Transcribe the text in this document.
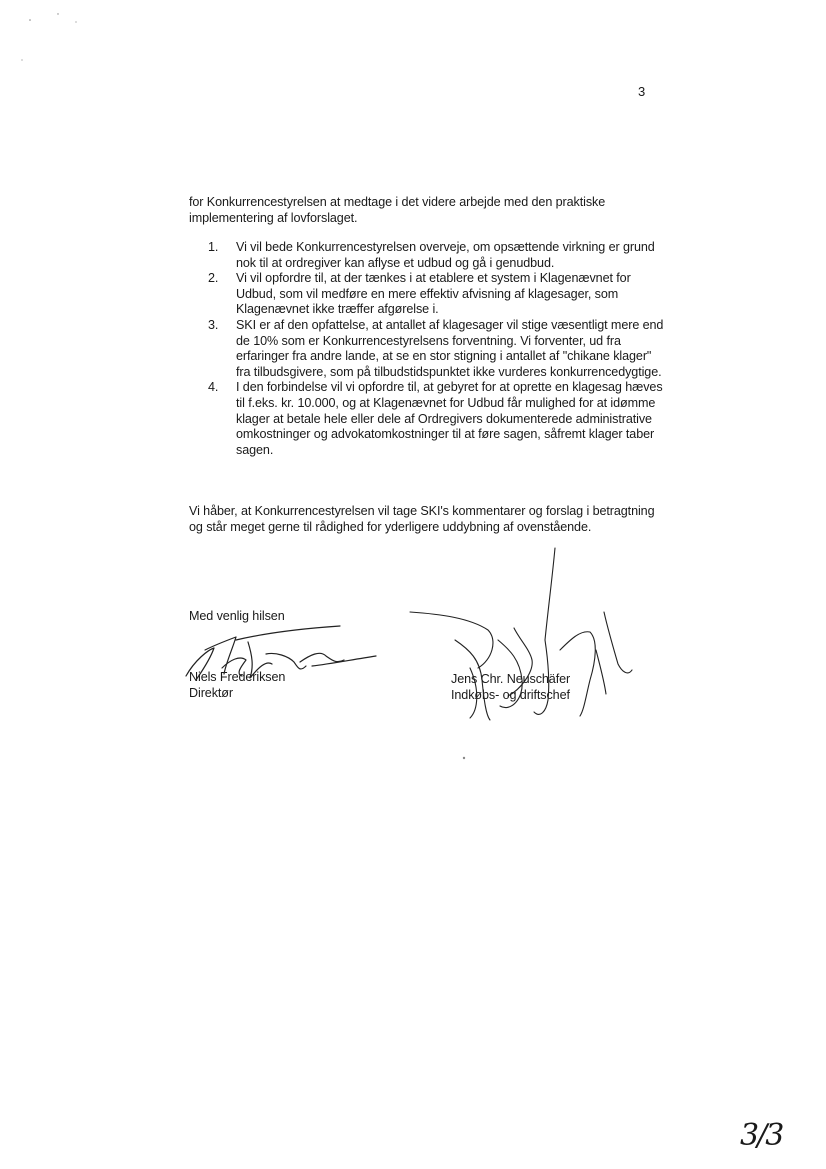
3
for Konkurrencestyrelsen at medtage i det videre arbejde med den praktiske implementering af lovforslaget.
1.	Vi vil bede Konkurrencestyrelsen overveje, om opsættende virkning er grund nok til at ordregiver kan aflyse et udbud og gå i genudbud.
2.	Vi vil opfordre til, at der tænkes i at etablere et system i Klagenævnet for Udbud, som vil medføre en mere effektiv afvisning af klagesager, som Klagenævnet ikke træffer afgørelse i.
3.	SKI er af den opfattelse, at antallet af klagesager vil stige væsentligt mere end de 10% som er Konkurrencestyrelsens forventning. Vi forventer, ud fra erfaringer fra andre lande, at se en stor stigning i antallet af "chikane klager" fra tilbudsgivere, som på tilbudstidspunktet ikke vurderes konkurrencedygtige.
4.	I den forbindelse vil vi opfordre til, at gebyret for at oprette en klagesag hæves til f.eks. kr. 10.000, og at Klagenævnet for Udbud får mulighed for at idømme klager at betale hele eller dele af Ordregivers dokumenterede administrative omkostninger og advokatomkostninger til at føre sagen, såfremt klager taber sagen.
Vi håber, at Konkurrencestyrelsen vil tage SKI's kommentarer og forslag i betragtning og står meget gerne til rådighed for yderligere uddybning af ovenstående.
Med venlig hilsen
Niels Frederiksen
Direktør
Jens Chr. Neuschäfer
Indkøbs- og driftschef
3/3
